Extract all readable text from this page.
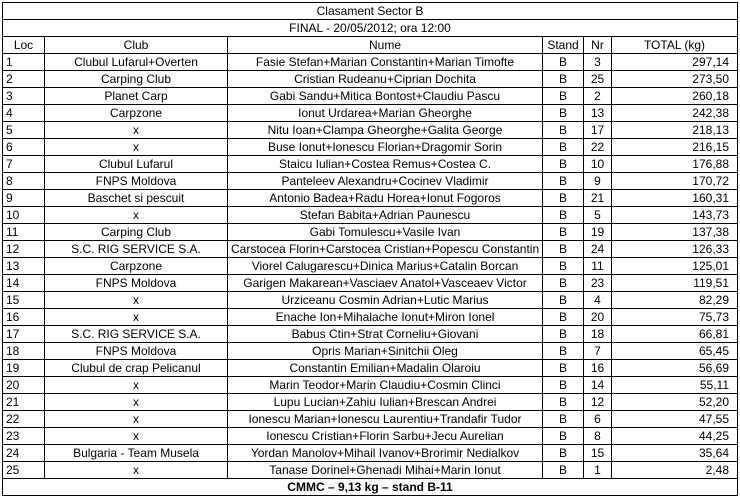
Clasament Sector B					
FINAL - 20/05/2012; ora 12:00					
Loc	Club	Nume	Stand	Nr	TOTAL (kg)
1	Clubul Lufarul+Overten	Fasie Stefan+Marian Constantin+Marian Timofte	B	3	297,14
2	Carping Club	Cristian Rudeanu+Ciprian Dochita	B	25	273,50
3	Planet Carp	Gabi Sandu+Mitica Bontost+Claudiu Pascu	B	2	260,18
4	Carpzone	Ionut Urdarea+Marian Gheorghe	B	13	242,38
5	x	Nitu Ioan+Clampa Gheorghe+Galita George	B	17	218,13
6	x	Buse Ionut+Ionescu Florian+Dragomir Sorin	B	22	216,15
7	Clubul Lufarul	Staicu Iulian+Costea Remus+Costea C.	B	10	176,88
8	FNPS Moldova	Panteleev Alexandru+Cocinev Vladimir	B	9	170,72
9	Baschet si pescuit	Antonio Badea+Radu Horea+Ionut Fogoros	B	21	160,31
10	x	Stefan Babita+Adrian Paunescu	B	5	143,73
11	Carping Club	Gabi Tomulescu+Vasile Ivan	B	19	137,38
12	S.C. RIG SERVICE S.A.	Carstocea Florin+Carstocea Cristian+Popescu Constantin	B	24	126,33
13	Carpzone	Viorel Calugarescu+Dinica Marius+Catalin Borcan	B	11	125,01
14	FNPS Moldova	Garigen Makarean+Vasciaev Anatol+Vasceaev Victor	B	23	119,51
15	x	Urziceanu Cosmin Adrian+Lutic Marius	B	4	82,29
16	x	Enache Ion+Mihalache Ionut+Miron Ionel	B	20	75,73
17	S.C. RIG SERVICE S.A.	Babus Ctin+Strat Corneliu+Giovani	B	18	66,81
18	FNPS Moldova	Opris Marian+Sinitchii Oleg	B	7	65,45
19	Clubul de crap Pelicanul	Constantin Emilian+Madalin Olaroiu	B	16	56,69
20	x	Marin Teodor+Marin Claudiu+Cosmin Clinci	B	14	55,11
21	x	Lupu Lucian+Zahiu Iulian+Brescan Andrei	B	12	52,20
22	x	Ionescu Marian+Ionescu Laurentiu+Trandafir Tudor	B	6	47,55
23	x	Ionescu Cristian+Florin Sarbu+Jecu Aurelian	B	8	44,25
24	Bulgaria - Team Musela	Yordan Manolov+Mihail Ivanov+Brorimir Nedialkov	B	15	35,64
25	x	Tanase Dorinel+Ghenadi Mihai+Marin Ionut	B	1	2,48
CMMC – 9,13 kg – stand B-11					
